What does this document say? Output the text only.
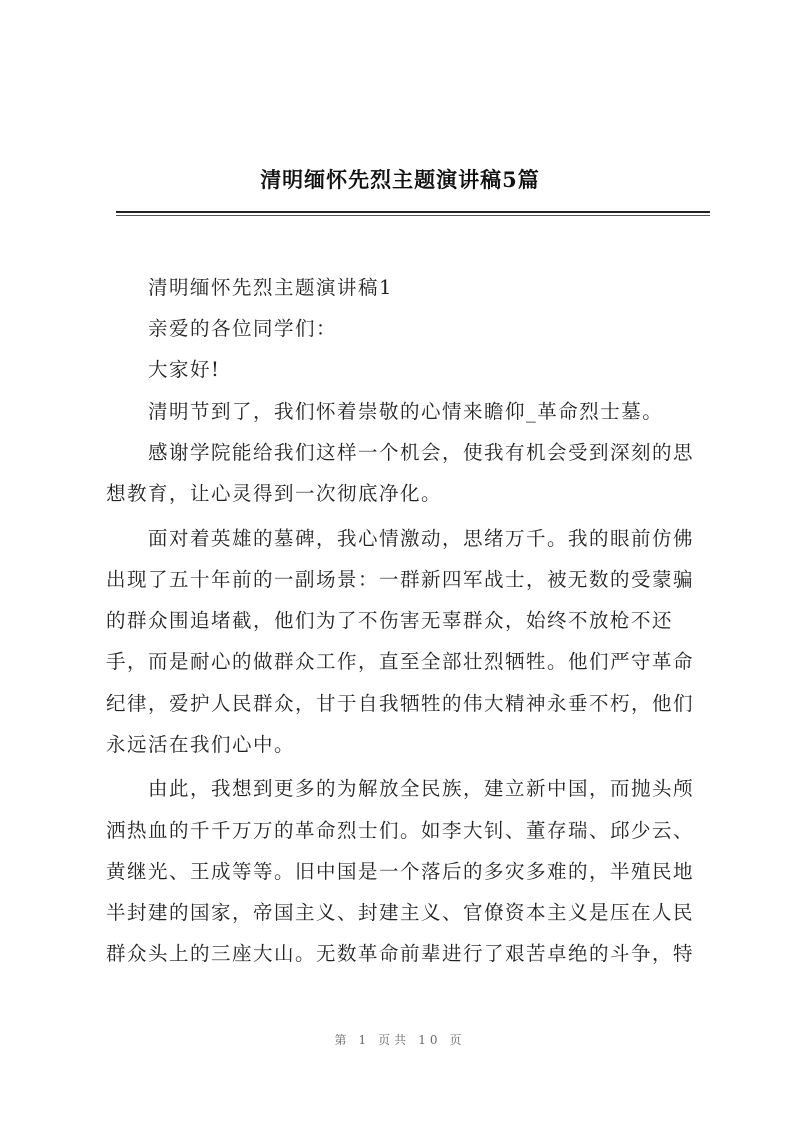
清明缅怀先烈主题演讲稿5篇
清明缅怀先烈主题演讲稿1
亲爱的各位同学们：
大家好!
清明节到了，我们怀着崇敬的心情来瞻仰_革命烈士墓。
感谢学院能给我们这样一个机会，使我有机会受到深刻的思
想教育，让心灵得到一次彻底净化。
面对着英雄的墓碑，我心情激动，思绪万千。我的眼前仿佛
出现了五十年前的一副场景：一群新四军战士，被无数的受蒙骗
的群众围追堵截，他们为了不伤害无辜群众，始终不放枪不还
手，而是耐心的做群众工作，直至全部壮烈牺牲。他们严守革命
纪律，爱护人民群众，甘于自我牺牲的伟大精神永垂不朽，他们
永远活在我们心中。
由此，我想到更多的为解放全民族，建立新中国，而抛头颅
洒热血的千千万万的革命烈士们。如李大钊、董存瑞、邱少云、
黄继光、王成等等。旧中国是一个落后的多灾多难的，半殖民地
半封建的国家，帝国主义、封建主义、官僚资本主义是压在人民
群众头上的三座大山。无数革命前辈进行了艰苦卓绝的斗争，特
第 1 页共 10 页
